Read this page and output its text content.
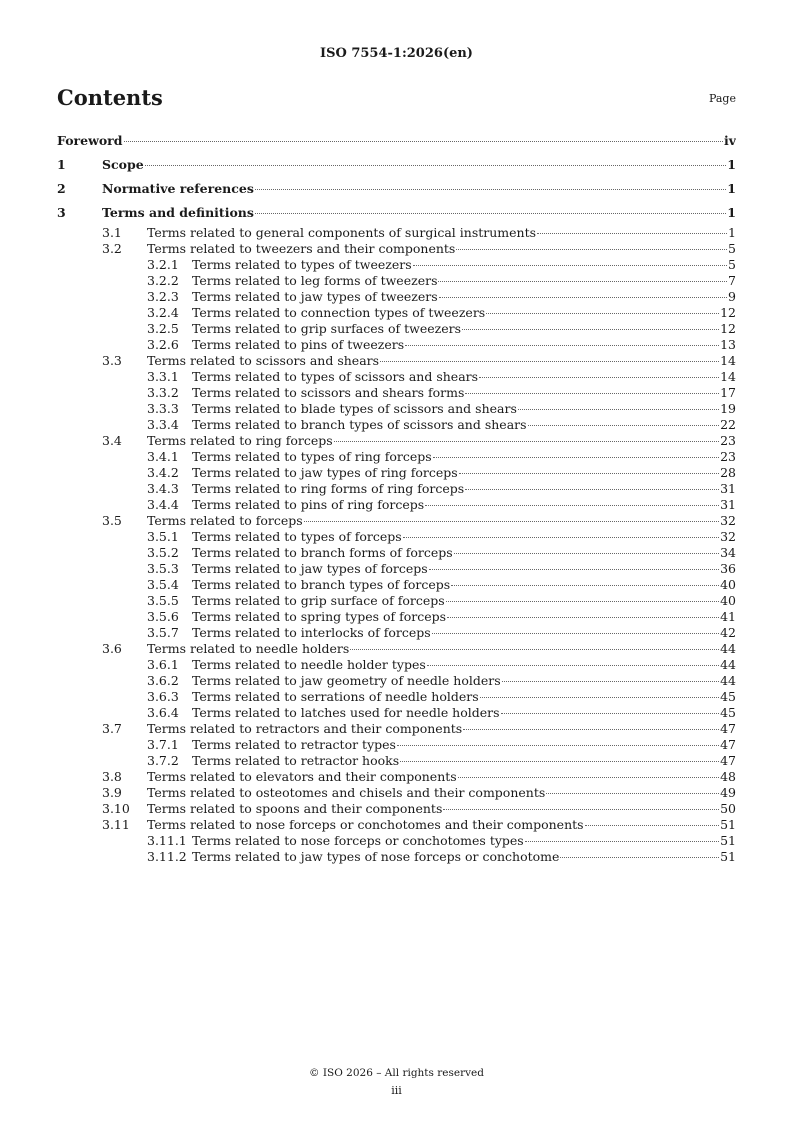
ISO 7554-1:2026(en)
Contents	Page
Foreword	iv
1	Scope	1
2	Normative references	1
3	Terms and definitions	1
3.1	Terms related to general components of surgical instruments	1
3.2	Terms related to tweezers and their components	5
3.2.1	Terms related to types of tweezers	5
3.2.2	Terms related to leg forms of tweezers	7
3.2.3	Terms related to jaw types of tweezers	9
3.2.4	Terms related to connection types of tweezers	12
3.2.5	Terms related to grip surfaces of tweezers	12
3.2.6	Terms related to pins of tweezers	13
3.3	Terms related to scissors and shears	14
3.3.1	Terms related to types of scissors and shears	14
3.3.2	Terms related to scissors and shears forms	17
3.3.3	Terms related to blade types of scissors and shears	19
3.3.4	Terms related to branch types of scissors and shears	22
3.4	Terms related to ring forceps	23
3.4.1	Terms related to types of ring forceps	23
3.4.2	Terms related to jaw types of ring forceps	28
3.4.3	Terms related to ring forms of ring forceps	31
3.4.4	Terms related to pins of ring forceps	31
3.5	Terms related to forceps	32
3.5.1	Terms related to types of forceps	32
3.5.2	Terms related to branch forms of forceps	34
3.5.3	Terms related to jaw types of forceps	36
3.5.4	Terms related to branch types of forceps	40
3.5.5	Terms related to grip surface of forceps	40
3.5.6	Terms related to spring types of forceps	41
3.5.7	Terms related to interlocks of forceps	42
3.6	Terms related to needle holders	44
3.6.1	Terms related to needle holder types	44
3.6.2	Terms related to jaw geometry of needle holders	44
3.6.3	Terms related to serrations of needle holders	45
3.6.4	Terms related to latches used for needle holders	45
3.7	Terms related to retractors and their components	47
3.7.1	Terms related to retractor types	47
3.7.2	Terms related to retractor hooks	47
3.8	Terms related to elevators and their components	48
3.9	Terms related to osteotomes and chisels and their components	49
3.10	Terms related to spoons and their components	50
3.11	Terms related to nose forceps or conchotomes and their components	51
3.11.1 Terms related to nose forceps or conchotomes types	51
3.11.2 Terms related to jaw types of nose forceps or conchotome	51
© ISO 2026 – All rights reserved
iii
